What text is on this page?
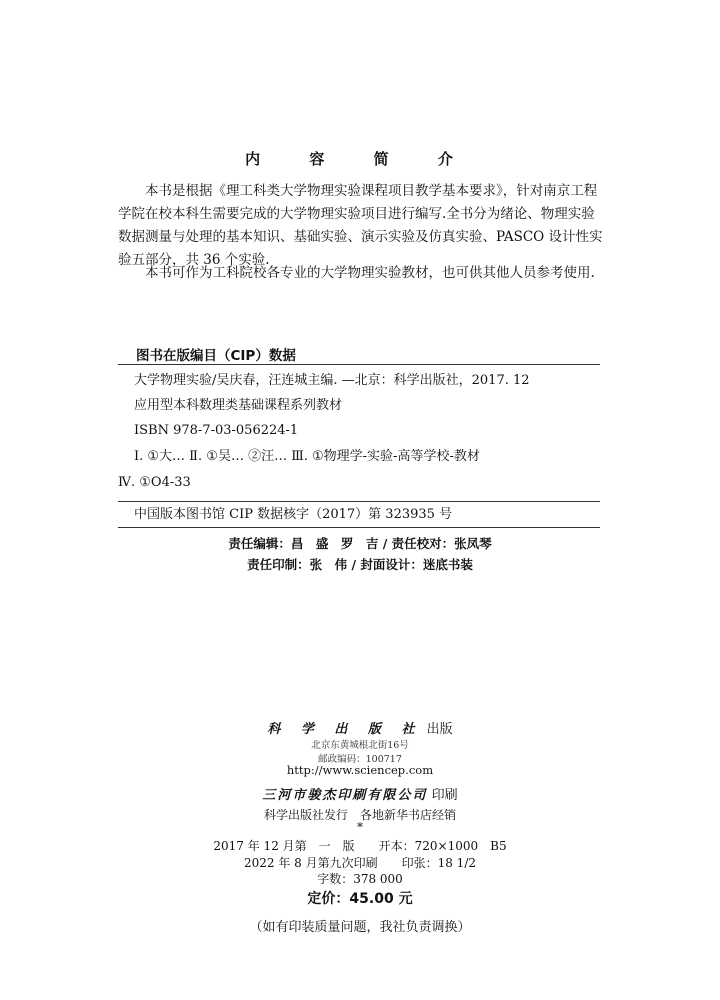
内 容 简 介
本书是根据《理工科类大学物理实验课程项目教学基本要求》，针对南京工程学院在校本科生需要完成的大学物理实验项目进行编写.全书分为绪论、物理实验数据测量与处理的基本知识、基础实验、演示实验及仿真实验、PASCO 设计性实验五部分，共 36 个实验.
本书可作为工科院校各专业的大学物理实验教材，也可供其他人员参考使用.
图书在版编目（CIP）数据
大学物理实验/吴庆春，汪连城主编. —北京：科学出版社，2017. 12
应用型本科数理类基础课程系列教材
ISBN 978-7-03-056224-1
Ⅰ. ①大… Ⅱ. ①吴… ②汪… Ⅲ. ①物理学-实验-高等学校-教材
Ⅳ. ①O4-33
中国版本图书馆 CIP 数据核字（2017）第 323935 号
责任编辑：昌　盛　罗　吉 / 责任校对：张凤琴
责任印制：张　伟 / 封面设计：迷底书装
科 学 出 版 社 出版
北京东黄城根北街16号
邮政编码：100717
http://www.sciencep.com
三河市骏杰印刷有限公司 印刷
科学出版社发行　各地新华书店经销
*
2017 年 12 月第　一　版　　开本：720×1000　B5
2022 年 8 月第九次印刷　　印张：18 1/2
字数：378 000
定价：45.00 元
（如有印装质量问题，我社负责调换）
